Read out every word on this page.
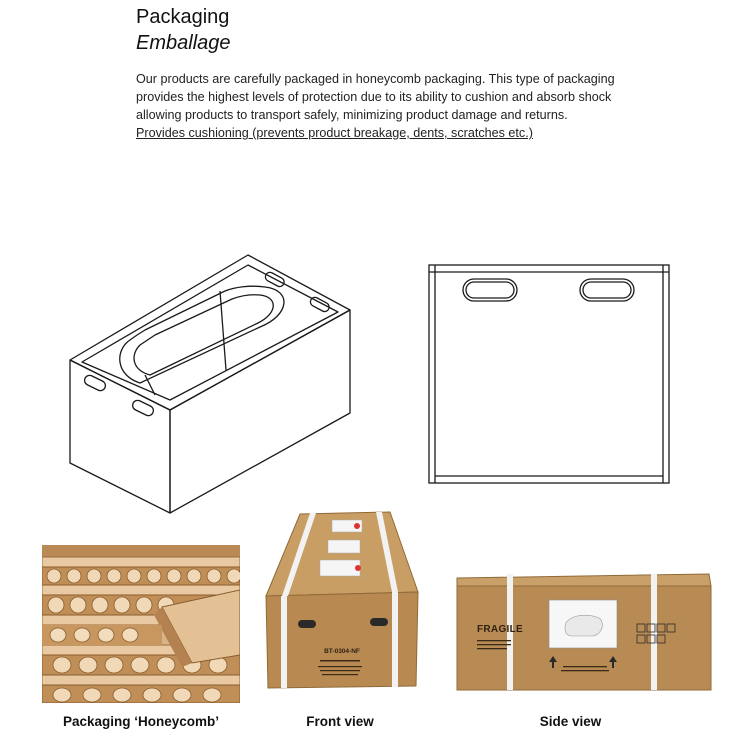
Packaging
Emballage

Our products are carefully packaged in honeycomb packaging. This type of packaging provides the highest levels of protection due to its ability to cushion and absorb shock allowing products to transport safely, minimizing product damage and returns.

Provides cushioning (prevents product breakage, dents, scratches etc.)

BT-0304-NF
FRAGILE
Packaging ‘Honeycomb’	Front view	Side view
